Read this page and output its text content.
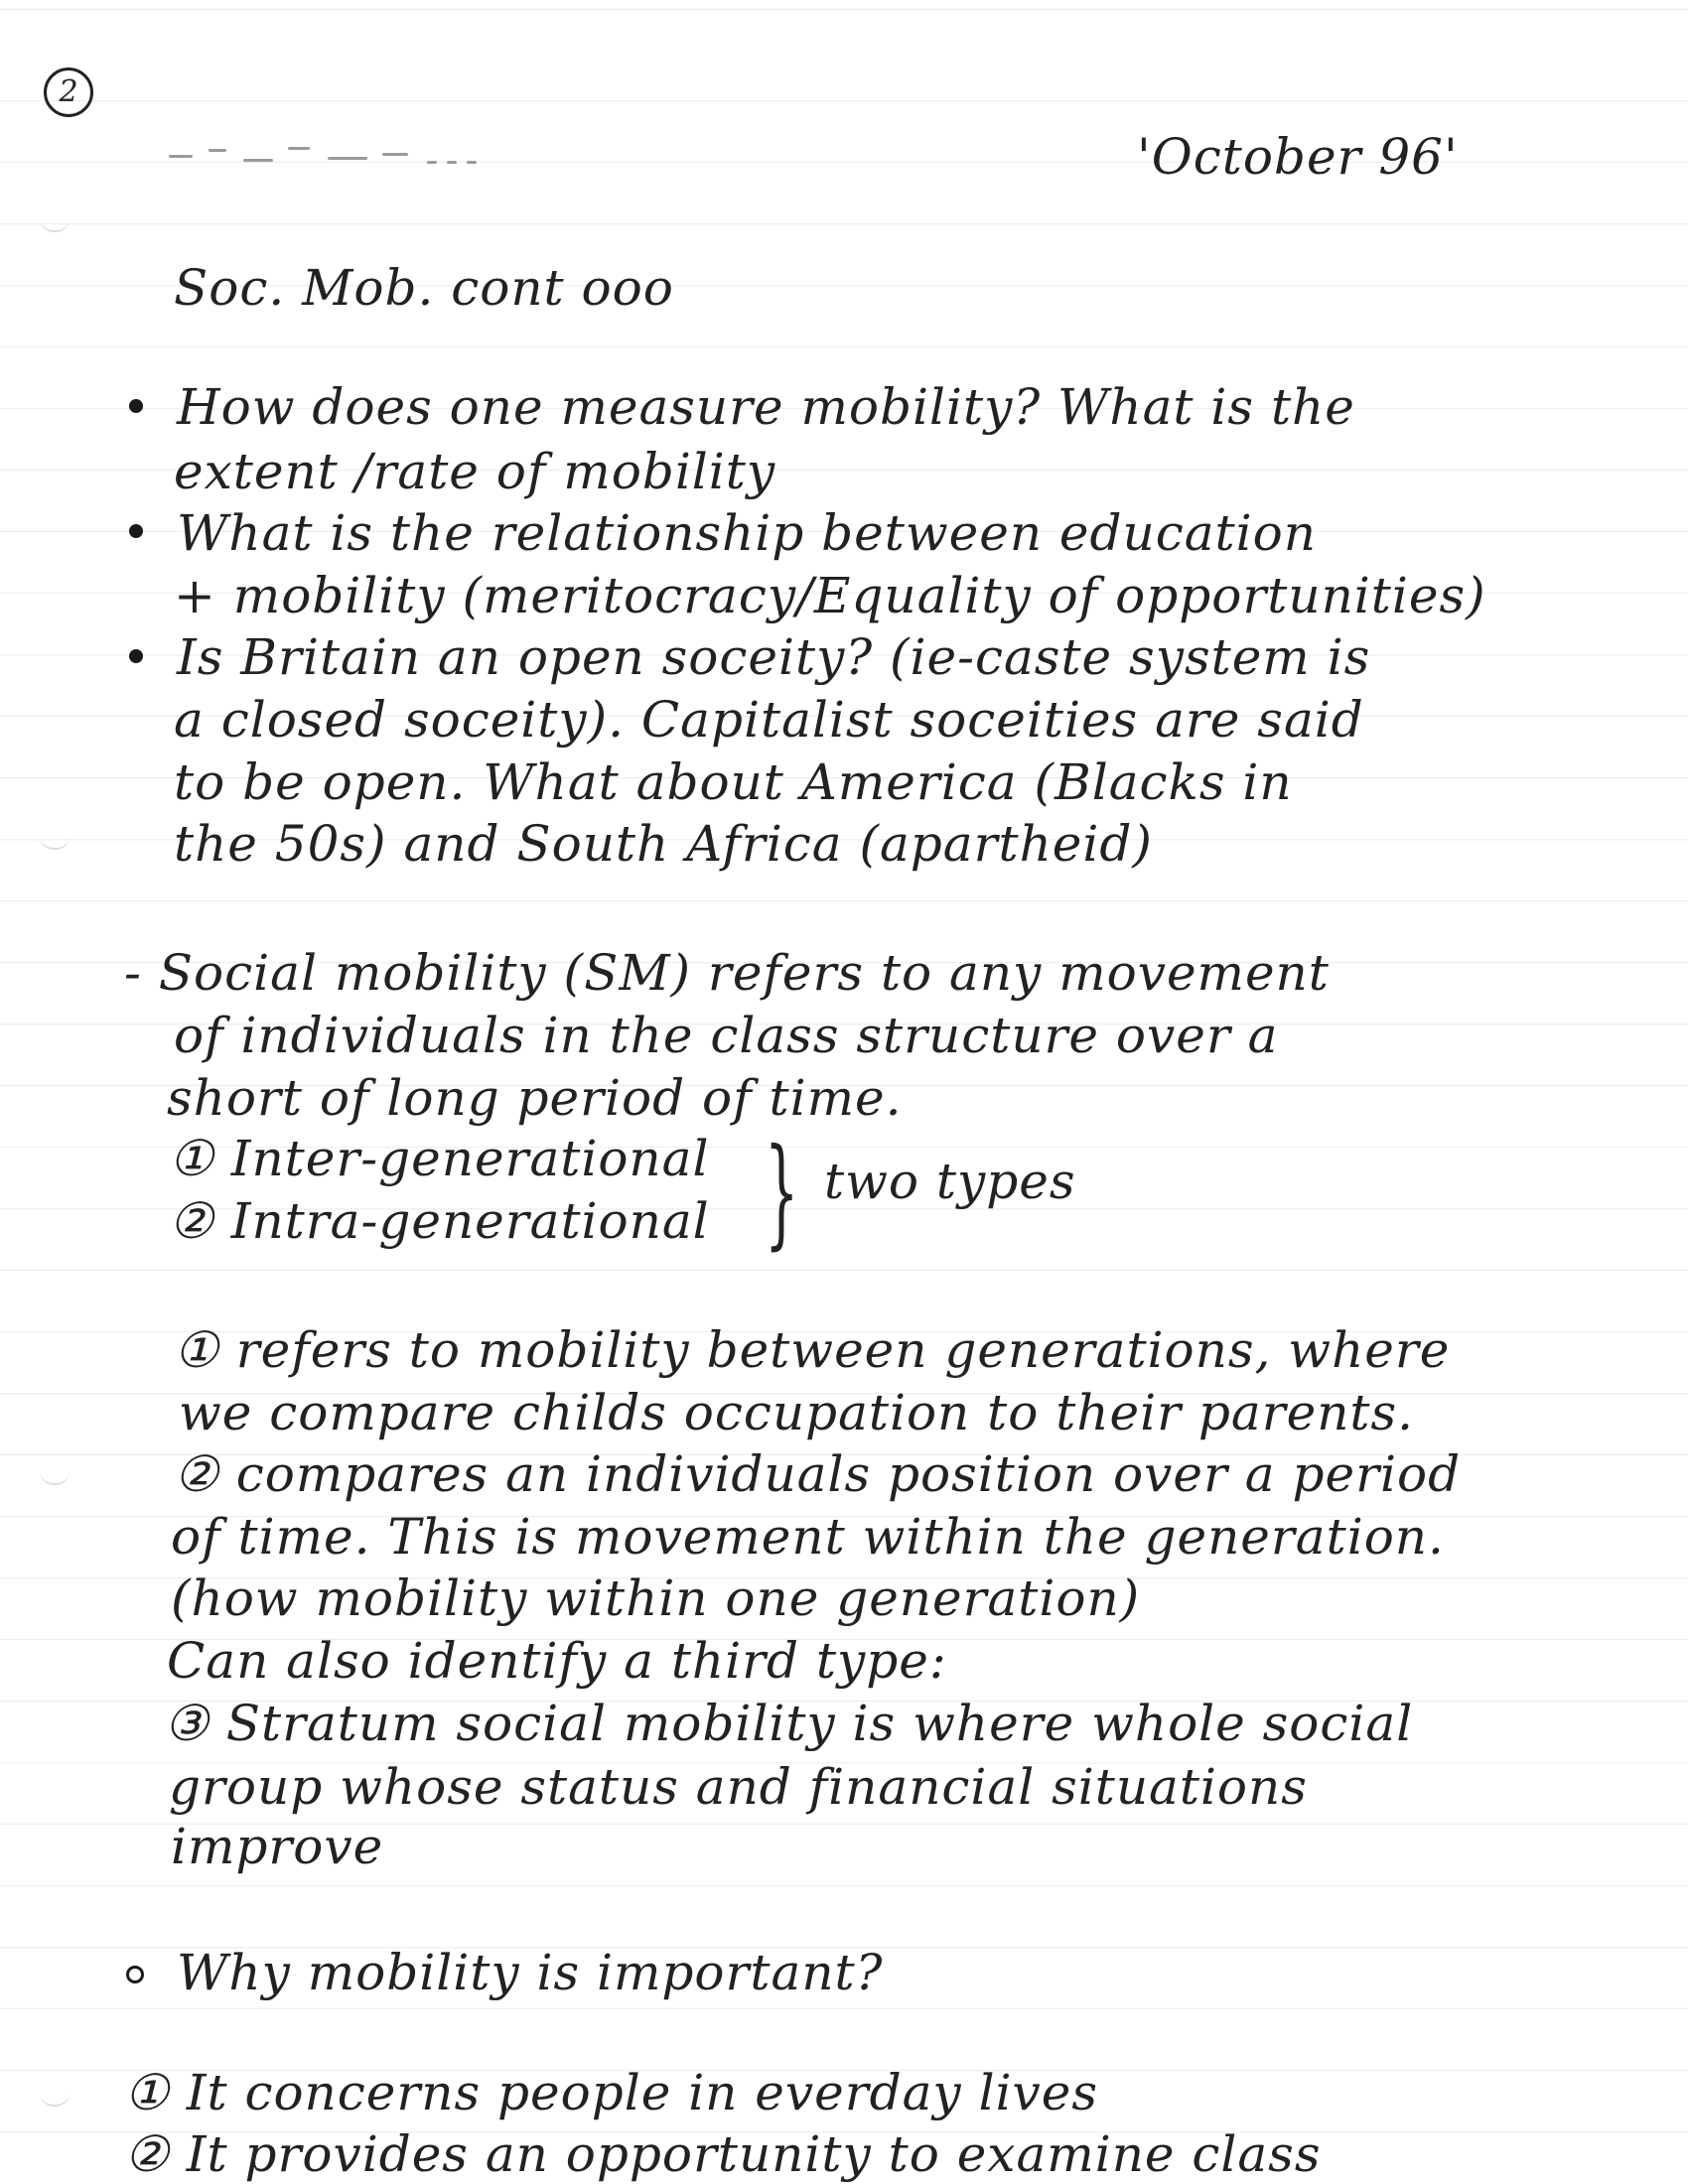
2
'October 96'
Soc. Mob. cont ooo
How does one measure mobility? What is the
extent /rate of mobility
What is the relationship between education
+ mobility (meritocracy/Equality of opportunities)
Is Britain an open soceity? (ie-caste system is
a closed soceity). Capitalist soceities are said
to be open. What about America (Blacks in
the 50s) and South Africa (apartheid)
- Social mobility (SM) refers to any movement
of individuals in the class structure over a
short of long period of time.
① Inter-generational
② Intra-generational } two types
① refers to mobility between generations, where
we compare childs occupation to their parents.
② compares an individuals position over a period
of time. This is movement within the generation.
(how mobility within one generation)
Can also identify a third type:
③ Stratum social mobility is where whole social
group whose status and financial situations
improve
Why mobility is important?
① It concerns people in everday lives
② It provides an opportunity to examine class
